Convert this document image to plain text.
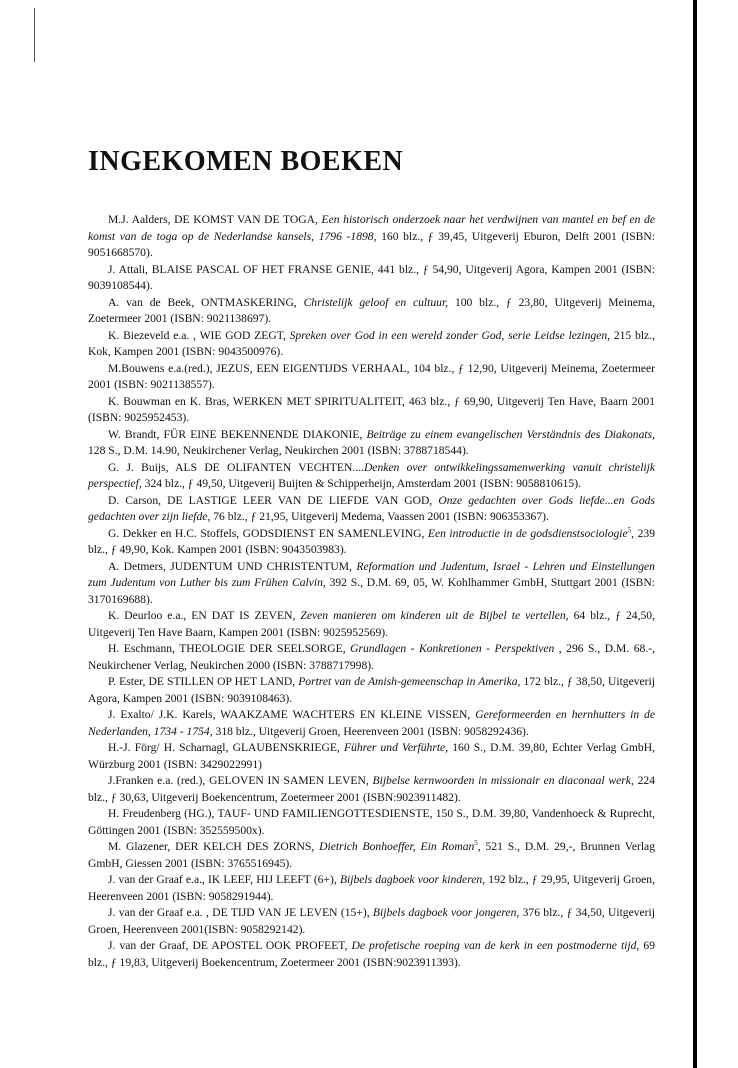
INGEKOMEN BOEKEN

M.J. Aalders, DE KOMST VAN DE TOGA, Een historisch onderzoek naar het verdwijnen van mantel en bef en de komst van de toga op de Nederlandse kansels, 1796 -1898, 160 blz., ƒ 39,45, Uitgeverij Eburon, Delft 2001 (ISBN: 9051668570).

J. Attali, BLAISE PASCAL OF HET FRANSE GENIE, 441 blz., ƒ 54,90, Uitgeverij Agora, Kampen 2001 (ISBN: 9039108544).

A. van de Beek, ONTMASKERING, Christelijk geloof en cultuur, 100 blz., ƒ 23,80, Uitgeverij Meinema, Zoetermeer 2001 (ISBN: 9021138697).

K. Biezeveld e.a. , WIE GOD ZEGT, Spreken over God in een wereld zonder God, serie Leidse lezingen, 215 blz., Kok, Kampen 2001 (ISBN: 9043500976).

M.Bouwens e.a.(red.), JEZUS, EEN EIGENTIJDS VERHAAL, 104 blz., ƒ 12,90, Uitgeverij Meinema, Zoetermeer 2001 (ISBN: 9021138557).

K. Bouwman en K. Bras, WERKEN MET SPIRITUALITEIT, 463 blz., ƒ 69,90, Uitgeverij Ten Have, Baarn 2001 (ISBN: 9025952453).

W. Brandt, FÜR EINE BEKENNENDE DIAKONIE, Beiträge zu einem evangelischen Verständnis des Diakonats, 128 S., D.M. 14.90, Neukirchener Verlag, Neukirchen 2001 (ISBN: 3788718544).

G. J. Buijs, ALS DE OLIFANTEN VECHTEN....Denken over ontwikkelingssamenwerking vanuit christelijk perspectief, 324 blz., ƒ 49,50, Uitgeverij Buijten & Schipperheijn, Amsterdam 2001 (ISBN: 9058810615).

D. Carson, DE LASTIGE LEER VAN DE LIEFDE VAN GOD, Onze gedachten over Gods liefde...en Gods gedachten over zijn liefde, 76 blz., ƒ 21,95, Uitgeverij Medema, Vaassen 2001 (ISBN: 906353367).

G. Dekker en H.C. Stoffels, GODSDIENST EN SAMENLEVING, Een introductie in de godsdienstsociologie$^5$, 239 blz., ƒ 49,90, Kok. Kampen 2001 (ISBN: 9043503983).

A. Detmers, JUDENTUM UND CHRISTENTUM, Reformation und Judentum, Israel - Lehren und Einstellungen zum Judentum von Luther bis zum Frühen Calvin, 392 S., D.M. 69, 05, W. Kohlhammer GmbH, Stuttgart 2001 (ISBN: 3170169688).

K. Deurloo e.a., EN DAT IS ZEVEN, Zeven manieren om kinderen uit de Bijbel te vertellen, 64 blz., ƒ 24,50, Uitgeverij Ten Have Baarn, Kampen 2001 (ISBN: 9025952569).

H. Eschmann, THEOLOGIE DER SEELSORGE, Grundlagen - Konkretionen - Perspektiven , 296 S., D.M. 68.-, Neukirchener Verlag, Neukirchen 2000 (ISBN: 3788717998).

P. Ester, DE STILLEN OP HET LAND, Portret van de Amish-gemeenschap in Amerika, 172 blz., ƒ 38,50, Uitgeverij Agora, Kampen 2001 (ISBN: 9039108463).

J. Exalto/ J.K. Karels, WAAKZAME WACHTERS EN KLEINE VISSEN, Gereformeerden en hernhutters in de Nederlanden, 1734 - 1754, 318 blz., Uitgeverij Groen, Heerenveen 2001 (ISBN: 9058292436).

H.-J. Förg/ H. Scharnagl, GLAUBENSKRIEGE, Führer und Verführte, 160 S., D.M. 39,80, Echter Verlag GmbH, Würzburg 2001 (ISBN: 3429022991)

J.Franken e.a. (red.), GELOVEN IN SAMEN LEVEN, Bijbelse kernwoorden in missionair en diaconaal werk, 224 blz., ƒ 30,63, Uitgeverij Boekencentrum, Zoetermeer 2001 (ISBN:9023911482).

H. Freudenberg (HG.), TAUF- UND FAMILIENGOTTESDIENSTE, 150 S., D.M. 39,80, Vandenhoeck & Ruprecht, Göttingen 2001 (ISBN: 352559500x).

M. Glazener, DER KELCH DES ZORNS, Dietrich Bonhoeffer, Ein Roman$^5$, 521 S., D.M. 29,-, Brunnen Verlag GmbH, Giessen 2001 (ISBN: 3765516945).

J. van der Graaf e.a., IK LEEF, HIJ LEEFT (6+), Bijbels dagboek voor kinderen, 192 blz., ƒ 29,95, Uitgeverij Groen, Heerenveen 2001 (ISBN: 9058291944).

J. van der Graaf e.a. , DE TIJD VAN JE LEVEN (15+), Bijbels dagboek voor jongeren, 376 blz., ƒ 34,50, Uitgeverij Groen, Heerenveen 2001(ISBN: 9058292142).

J. van der Graaf, DE APOSTEL OOK PROFEET, De profetische roeping van de kerk in een postmoderne tijd, 69 blz., ƒ 19,83, Uitgeverij Boekencentrum, Zoetermeer 2001 (ISBN:9023911393).
